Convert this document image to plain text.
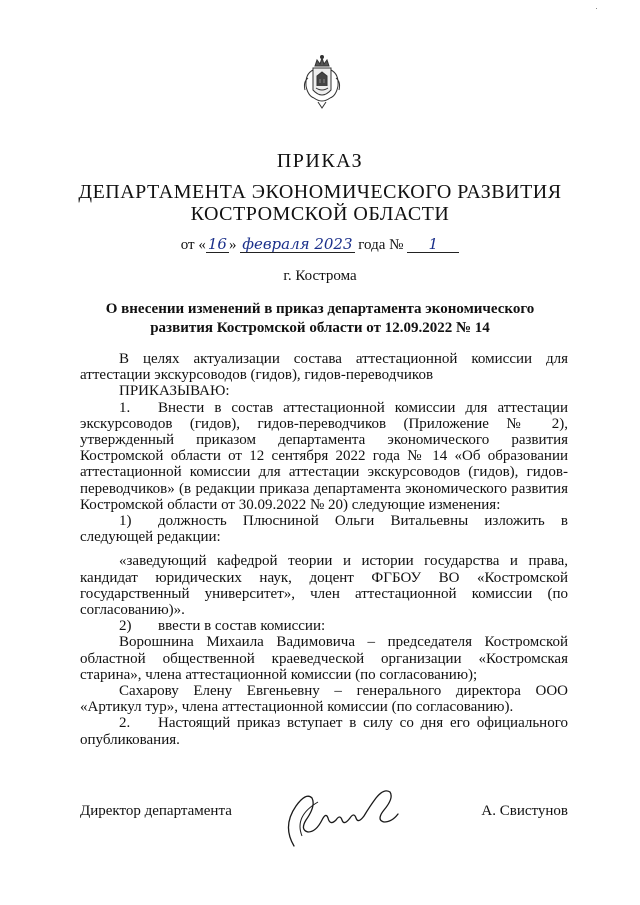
ПРИКАЗ
ДЕПАРТАМЕНТА ЭКОНОМИЧЕСКОГО РАЗВИТИЯ КОСТРОМСКОЙ ОБЛАСТИ
от « 16 » февраля 2023 года № 1
г. Кострома
О внесении изменений в приказ департамента экономического развития Костромской области от 12.09.2022 № 14

В целях актуализации состава аттестационной комиссии для аттестации экскурсоводов (гидов), гидов-переводчиков

ПРИКАЗЫВАЮ:

1. Внести в состав аттестационной комиссии для аттестации экскурсоводов (гидов), гидов-переводчиков (Приложение № 2), утвержденный приказом департамента экономического развития Костромской области от 12 сентября 2022 года № 14 «Об образовании аттестационной комиссии для аттестации экскурсоводов (гидов), гидов-переводчиков» (в редакции приказа департамента экономического развития Костромской области от 30.09.2022 № 20) следующие изменения:

1) должность Плюсниной Ольги Витальевны изложить в следующей редакции:

«заведующий кафедрой теории и истории государства и права, кандидат юридических наук, доцент ФГБОУ ВО «Костромской государственный университет», член аттестационной комиссии (по согласованию)».

2) ввести в состав комиссии:

Ворошнина Михаила Вадимовича – председателя Костромской областной общественной краеведческой организации «Костромская старина», члена аттестационной комиссии (по согласованию);

Сахарову Елену Евгеньевну – генерального директора ООО «Артикул тур», члена аттестационной комиссии (по согласованию).

2. Настоящий приказ вступает в силу со дня его официального опубликования.

Директор департамента	А. Свистунов
